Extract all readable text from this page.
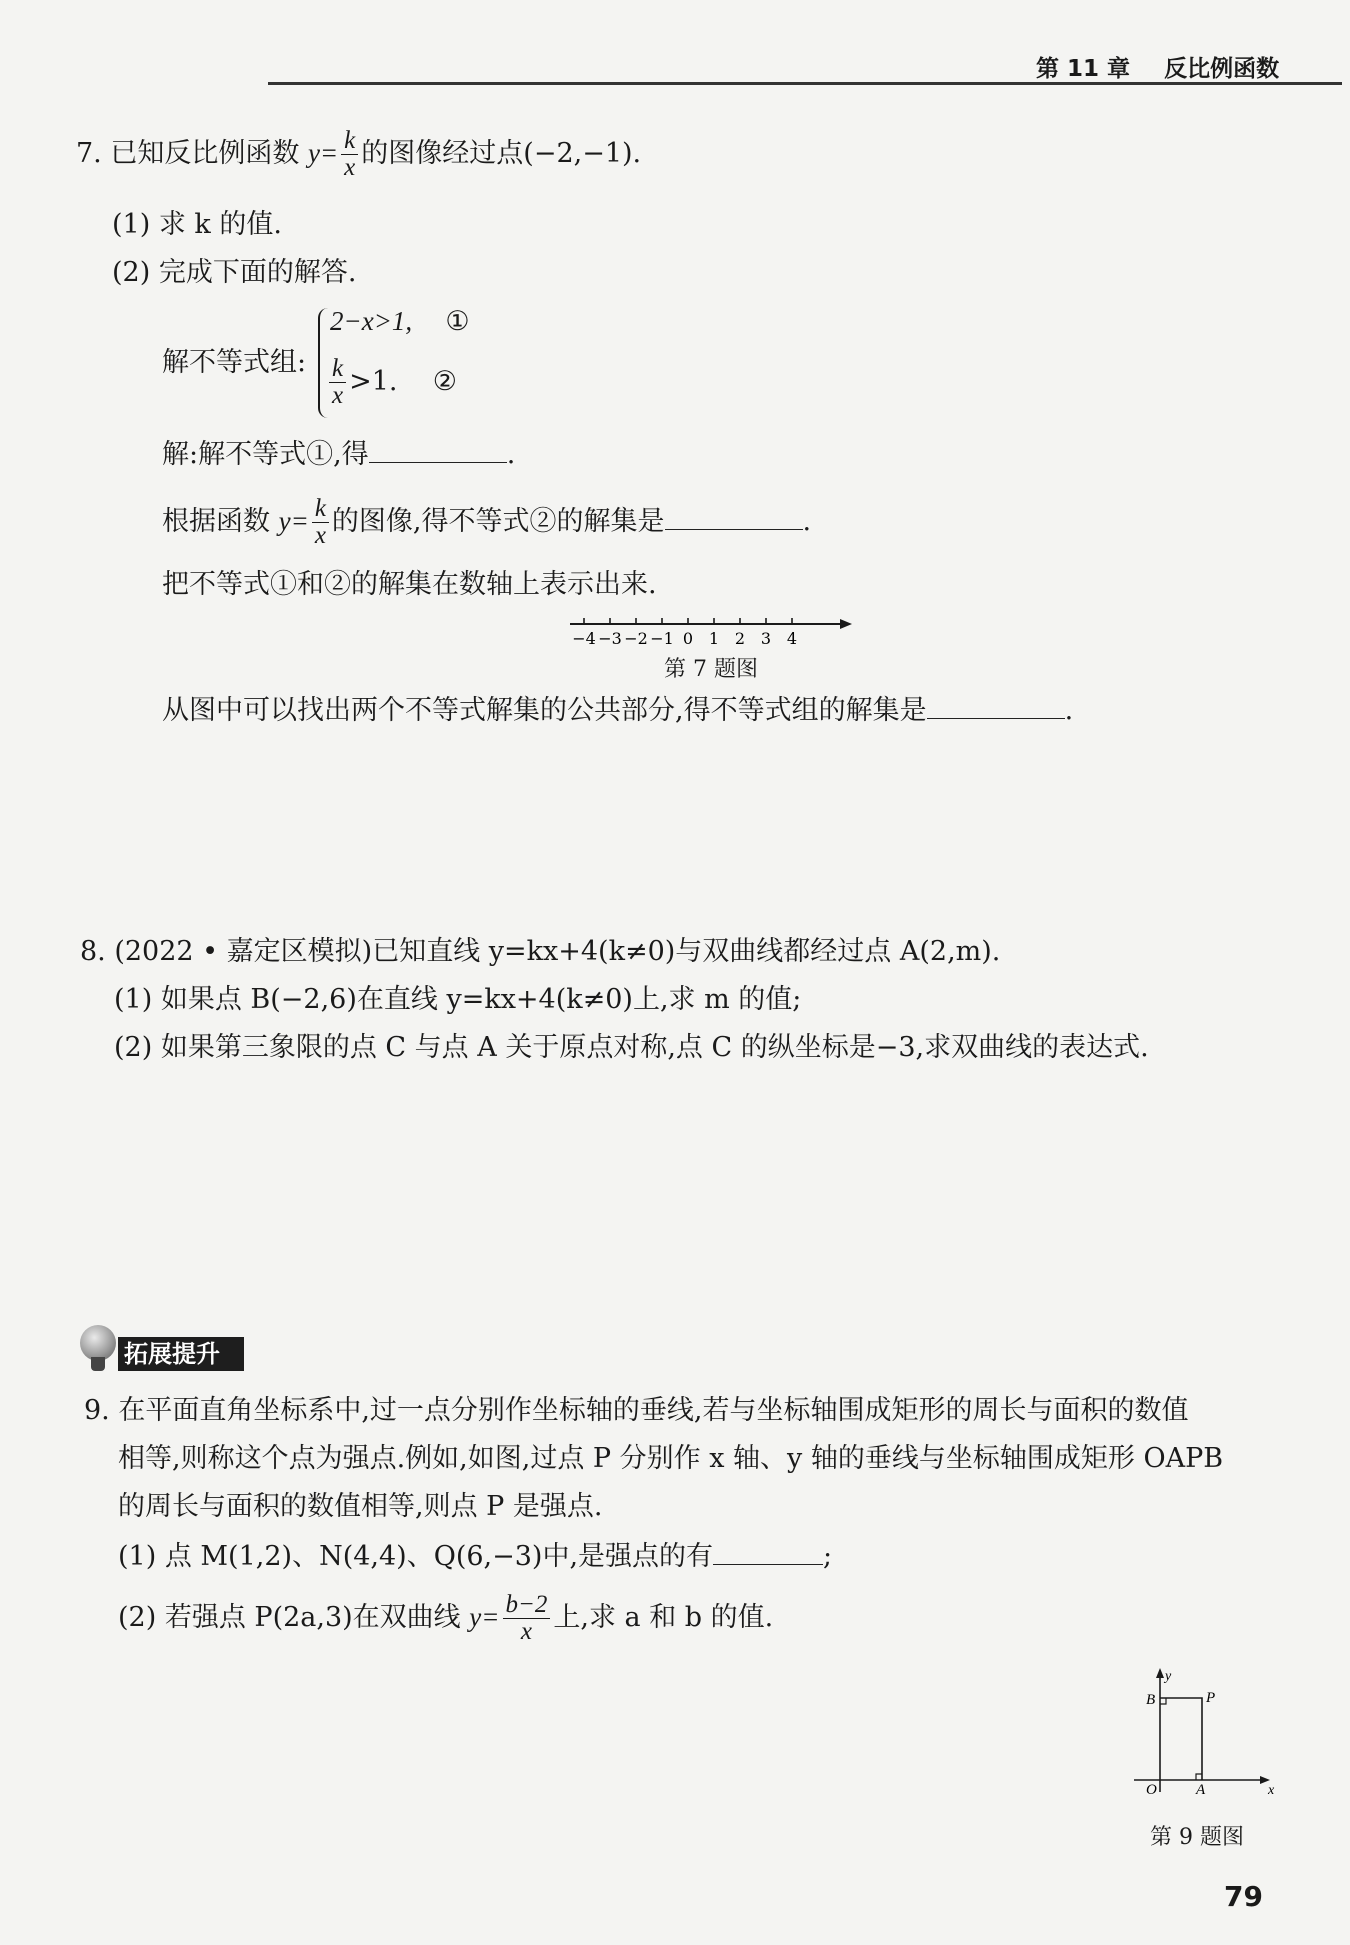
第 11 章 反比例函数
7. 已知反比例函数 $y= \frac{k}{x}$ 的图像经过点(−2,−1).
(1) 求 k 的值.
(2) 完成下面的解答.
解不等式组:
2−x>1, ①
$\frac{k}{x} >1$. ②
解:解不等式①,得	.
根据函数 $y= \frac{k}{x}$ 的图像,得不等式②的解集是	.
把不等式①和②的解集在数轴上表示出来.
−4 −3 −2 −1 0 1 2 3 4
第 7 题图
从图中可以找出两个不等式解集的公共部分,得不等式组的解集是	.
8. (2022 • 嘉定区模拟)已知直线 y=kx+4(k≠0)与双曲线都经过点 A(2,m).
(1) 如果点 B(−2,6)在直线 y=kx+4(k≠0)上,求 m 的值;
(2) 如果第三象限的点 C 与点 A 关于原点对称,点 C 的纵坐标是−3,求双曲线的表达式.
拓展提升
9. 在平面直角坐标系中,过一点分别作坐标轴的垂线,若与坐标轴围成矩形的周长与面积的数值
相等,则称这个点为强点.例如,如图,过点 P 分别作 x 轴、y 轴的垂线与坐标轴围成矩形 OAPB
的周长与面积的数值相等,则点 P 是强点.
(1) 点 M(1,2)、N(4,4)、Q(6,−3)中,是强点的有	;
(2) 若强点 P(2a,3)在双曲线 $y= \frac{b-2}{x}$ 上,求 a 和 b 的值.
y
x
O	A
B	P
第 9 题图
79
